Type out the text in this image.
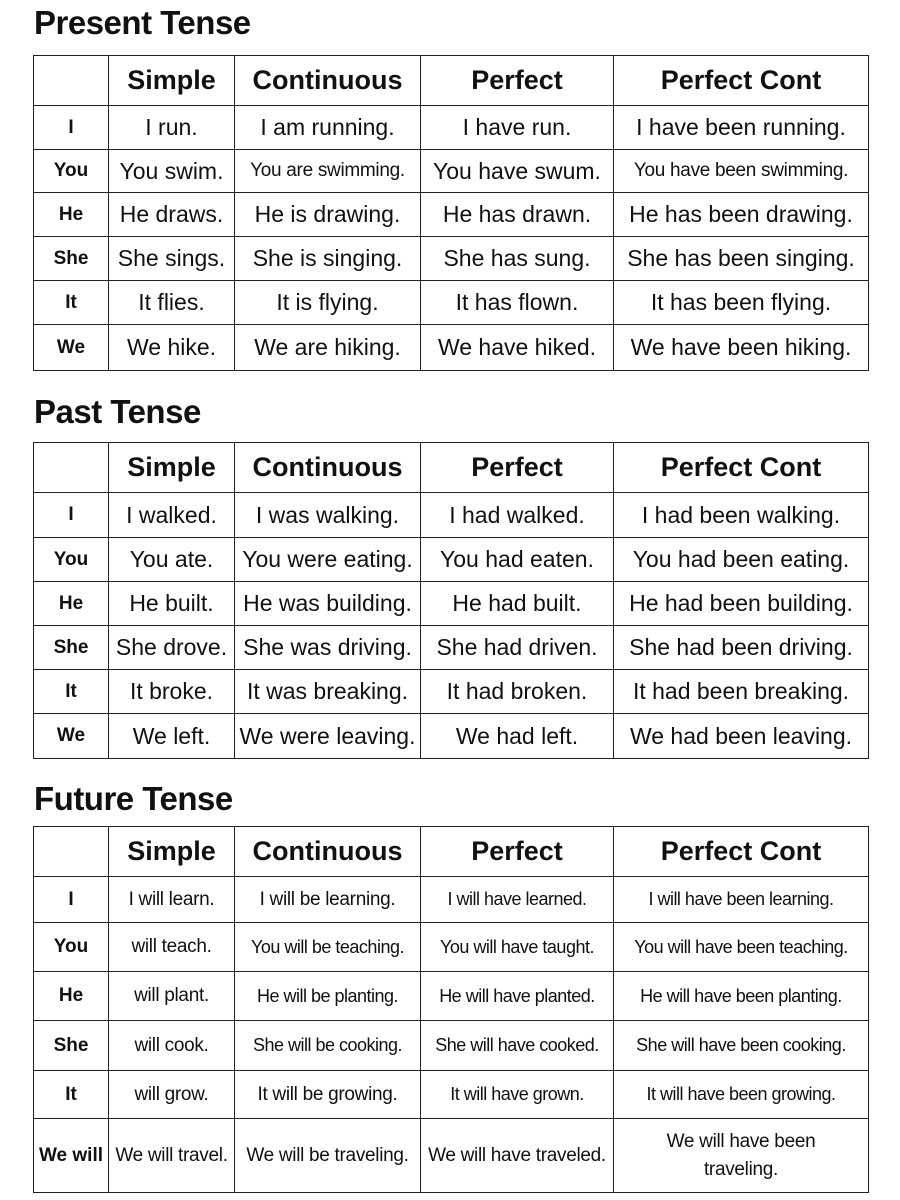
Present Tense
	Simple	Continuous	Perfect	Perfect Cont
I	I run.	I am running.	I have run.	I have been running.
You	You swim.	You are swimming.	You have swum.	You have been swimming.
He	He draws.	He is drawing.	He has drawn.	He has been drawing.
She	She sings.	She is singing.	She has sung.	She has been singing.
It	It flies.	It is flying.	It has flown.	It has been flying.
We	We hike.	We are hiking.	We have hiked.	We have been hiking.
Past Tense
	Simple	Continuous	Perfect	Perfect Cont
I	I walked.	I was walking.	I had walked.	I had been walking.
You	You ate.	You were eating.	You had eaten.	You had been eating.
He	He built.	He was building.	He had built.	He had been building.
She	She drove.	She was driving.	She had driven.	She had been driving.
It	It broke.	It was breaking.	It had broken.	It had been breaking.
We	We left.	We were leaving.	We had left.	We had been leaving.
Future Tense
	Simple	Continuous	Perfect	Perfect Cont
I	I will learn.	I will be learning.	I will have learned.	I will have been learning.
You	will teach.	You will be teaching.	You will have taught.	You will have been teaching.
He	will plant.	He will be planting.	He will have planted.	He will have been planting.
She	will cook.	She will be cooking.	She will have cooked.	She will have been cooking.
It	will grow.	It will be growing.	It will have grown.	It will have been growing.
We will	We will travel.	We will be traveling.	We will have traveled.	We will have been traveling.
